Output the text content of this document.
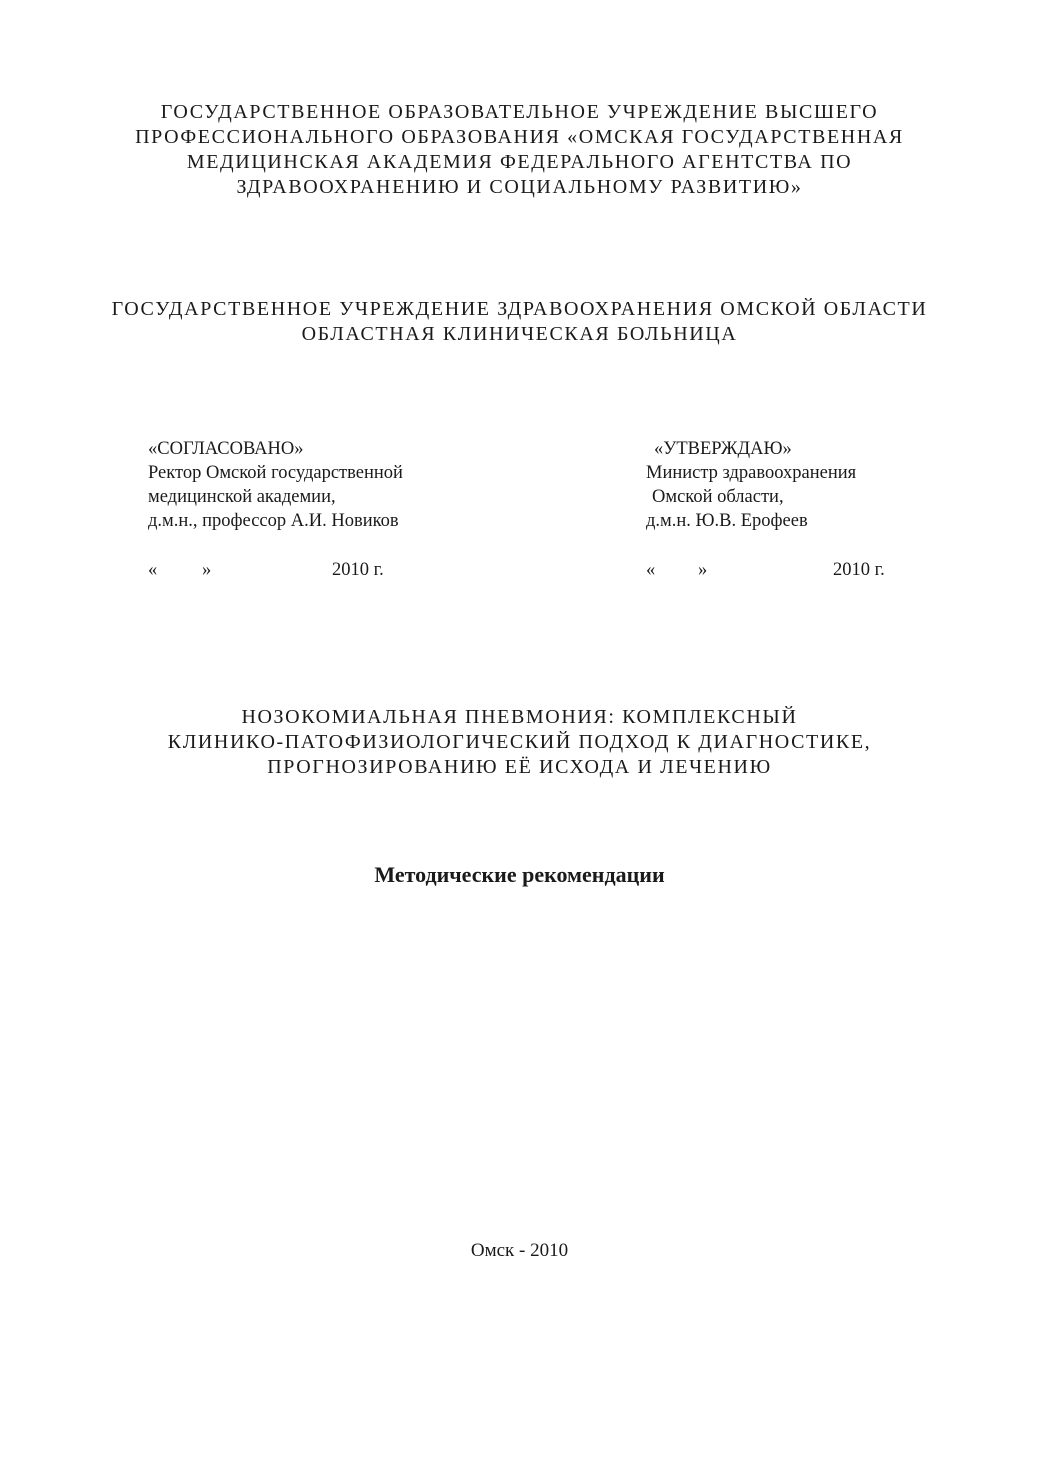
ГОСУДАРСТВЕННОЕ ОБРАЗОВАТЕЛЬНОЕ УЧРЕЖДЕНИЕ ВЫСШЕГО
ПРОФЕССИОНАЛЬНОГО ОБРАЗОВАНИЯ «ОМСКАЯ ГОСУДАРСТВЕННАЯ
МЕДИЦИНСКАЯ АКАДЕМИЯ ФЕДЕРАЛЬНОГО АГЕНТСТВА ПО
ЗДРАВООХРАНЕНИЮ И СОЦИАЛЬНОМУ РАЗВИТИЮ»
ГОСУДАРСТВЕННОЕ УЧРЕЖДЕНИЕ ЗДРАВООХРАНЕНИЯ ОМСКОЙ ОБЛАСТИ
ОБЛАСТНАЯ КЛИНИЧЕСКАЯ БОЛЬНИЦА
«СОГЛАСОВАНО»
Ректор Омской государственной
медицинской академии,
д.м.н., профессор А.И. Новиков
« »	2010 г.
«УТВЕРЖДАЮ»
Министр здравоохранения
Омской области,
д.м.н. Ю.В. Ерофеев
« »	2010 г.
НОЗОКОМИАЛЬНАЯ ПНЕВМОНИЯ: КОМПЛЕКСНЫЙ
КЛИНИКО-ПАТОФИЗИОЛОГИЧЕСКИЙ ПОДХОД К ДИАГНОСТИКЕ,
ПРОГНОЗИРОВАНИЮ ЕЁ ИСХОДА И ЛЕЧЕНИЮ
Методические рекомендации
Омск - 2010
